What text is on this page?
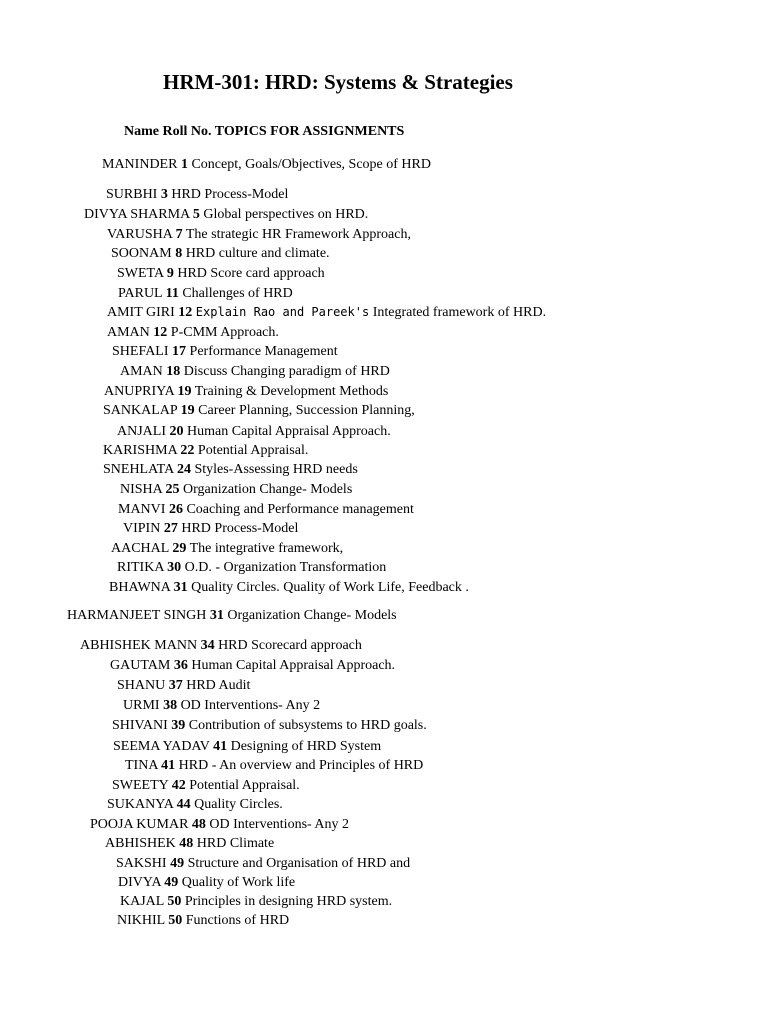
HRM-301: HRD: Systems & Strategies
Name Roll No. TOPICS FOR ASSIGNMENTS
MANINDER 1 Concept, Goals/Objectives, Scope of HRD
SURBHI 3 HRD Process-Model
DIVYA SHARMA 5 Global perspectives on HRD.
VARUSHA 7 The strategic HR Framework Approach,
SOONAM 8 HRD culture and climate.
SWETA 9 HRD Score card approach
PARUL 11 Challenges of HRD
AMIT GIRI 12 Explain Rao and Pareek's Integrated framework of HRD.
AMAN 12 P-CMM Approach.
SHEFALI 17 Performance Management
AMAN 18 Discuss Changing paradigm of HRD
ANUPRIYA 19 Training & Development Methods
SANKALAP 19 Career Planning, Succession Planning,
ANJALI 20 Human Capital Appraisal Approach.
KARISHMA 22 Potential Appraisal.
SNEHLATA 24 Styles-Assessing HRD needs
NISHA 25 Organization Change- Models
MANVI 26 Coaching and Performance management
VIPIN 27 HRD Process-Model
AACHAL 29 The integrative framework,
RITIKA 30 O.D. - Organization Transformation
BHAWNA 31 Quality Circles. Quality of Work Life, Feedback .
HARMANJEET SINGH 31 Organization Change- Models
ABHISHEK MANN 34 HRD Scorecard approach
GAUTAM 36 Human Capital Appraisal Approach.
SHANU 37 HRD Audit
URMI 38 OD Interventions- Any 2
SHIVANI 39 Contribution of subsystems to HRD goals.
SEEMA YADAV 41 Designing of HRD System
TINA 41 HRD - An overview and Principles of HRD
SWEETY 42 Potential Appraisal.
SUKANYA 44 Quality Circles.
POOJA KUMAR 48 OD Interventions- Any 2
ABHISHEK 48 HRD Climate
SAKSHI 49 Structure and Organisation of HRD and
DIVYA 49 Quality of Work life
KAJAL 50 Principles in designing HRD system.
NIKHIL 50 Functions of HRD
